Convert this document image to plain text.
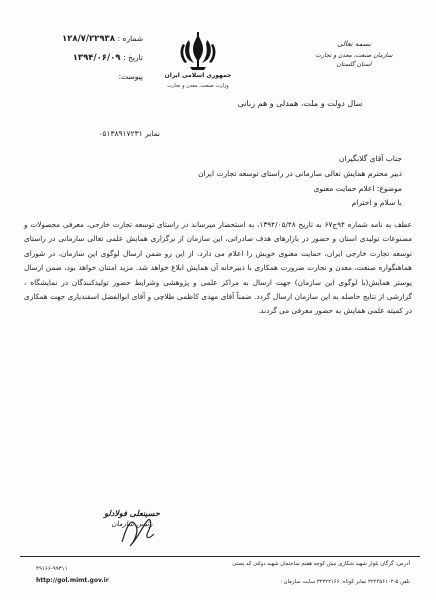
بسمه تعالی
سازمان صنعت، معدن و تجارت
استان گلستان
جمهوری اسلامی ایران
وزارت صنعت، معدن و تجارت
شماره : ۱۲۸/۷/۲۲۹۳۸
تاریخ : ۱۳۹۴/۰۶/۰۹
پیوست:
سال دولت و ملت، همدلی و هم زبانی
نمابر ۰۵۱۳۸۹۱۷۲۳۱
جناب آقای گلابگیران
دبیر محترم همایش تعالی سازمانی در راستای توسعه تجارت ایران
موضوع: اعلام حمایت معنوی
با سلام و احترام
عطف به نامه شماره ۹۴ج۶۷ به تاریخ ۱۳۹۴/۰۵/۴۸، به استحضار میرساند در راستای توسعه تجارت خارجی، معرفی محصولات و مصنوعات تولیدی استان و حضور در بازارهای هدف صادراتی، این سازمان از برگزاری همایش علمی تعالی سازمانی در راستای توسعه تجارت خارجی ایران، حمایت معنوی خویش را اعلام می دارد. از این رو ضمن ارسال لوگوی این سازمان، در شورای هماهنگواره صنعت، معدن و تجارت ضرورت همکاری با دبیرخانه آن همایش ابلاغ خواهد شد. مزید امتنان خواهد بود، ضمن ارسال پوستر همایش(با لوگوی این سازمان) جهت ارسال به مراکز علمی و پژوهشی وشرایط حضور تولیدکنندگان در نمایشگاه ، گزارشی از نتایج حاصله به این سازمان ارسال گردد. ضمناً آقای مهدی کاظمی طلاچی و آقای ابوالفضل اسفندیاری جهت همکاری در کمیته علمی همایش به حضور معرفی می گردند.
حسینعلی فولادلو
رئیس سازمان
آدرس: گرگان بلوار شهید شکاری نبش کوچه هفتم ساختمان شهید دولتی کد پستی
۴۹۱۶۶-۹۹۳۱۱
تلفن ۵-۳۲۲۴۵۶۱۰۴ نمابر کوتاه: ۳۲۳۲۲۱۶۶ سایت سازمان :
http://gol.mimt.gov.ir
